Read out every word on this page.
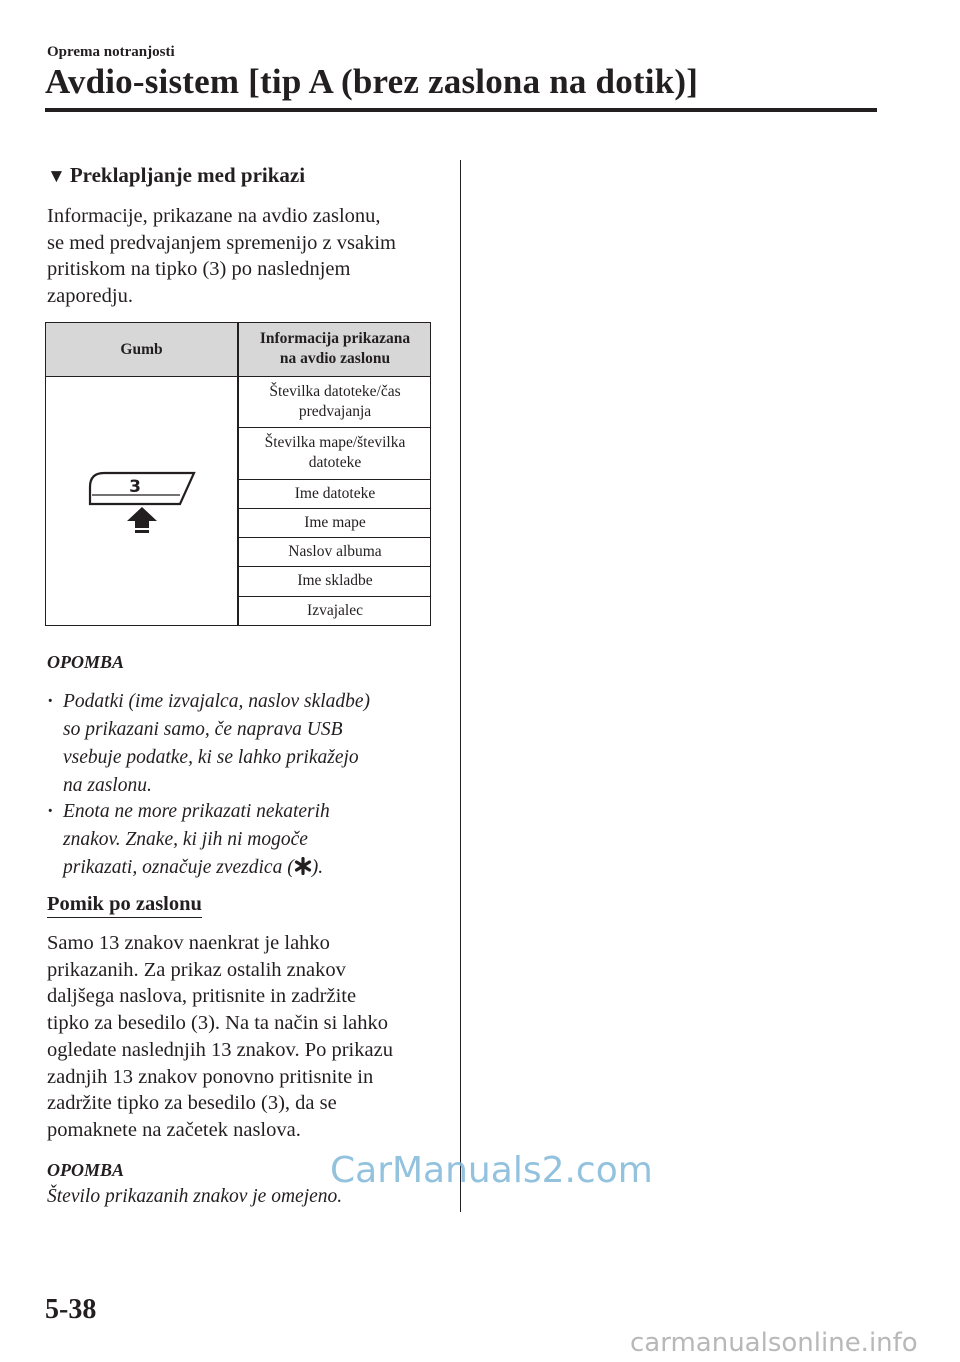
Oprema notranjosti
Avdio-sistem [tip A (brez zaslona na dotik)]
▼ Preklapljanje med prikazi
Informacije, prikazane na avdio zaslonu,
se med predvajanjem spremenijo z vsakim
pritiskom na tipko (3) po naslednjem
zaporedju.
Gumb
Informacija prikazana
na avdio zaslonu
3
Številka datoteke/čas
predvajanja
Številka mape/številka
datoteke
Ime datoteke
Ime mape
Naslov albuma
Ime skladbe
Izvajalec
OPOMBA
· Podatki (ime izvajalca, naslov skladbe)
so prikazani samo, če naprava USB
vsebuje podatke, ki se lahko prikažejo
na zaslonu.
· Enota ne more prikazati nekaterih
znakov. Znake, ki jih ni mogoče
prikazati, označuje zvezdica ( ).
Pomik po zaslonu
Samo 13 znakov naenkrat je lahko
prikazanih. Za prikaz ostalih znakov
daljšega naslova, pritisnite in zadržite
tipko za besedilo (3). Na ta način si lahko
ogledate naslednjih 13 znakov. Po prikazu
zadnjih 13 znakov ponovno pritisnite in
zadržite tipko za besedilo (3), da se
pomaknete na začetek naslova.
OPOMBA
Število prikazanih znakov je omejeno.
CarManuals2.com
5-38
carmanualsonline.info
